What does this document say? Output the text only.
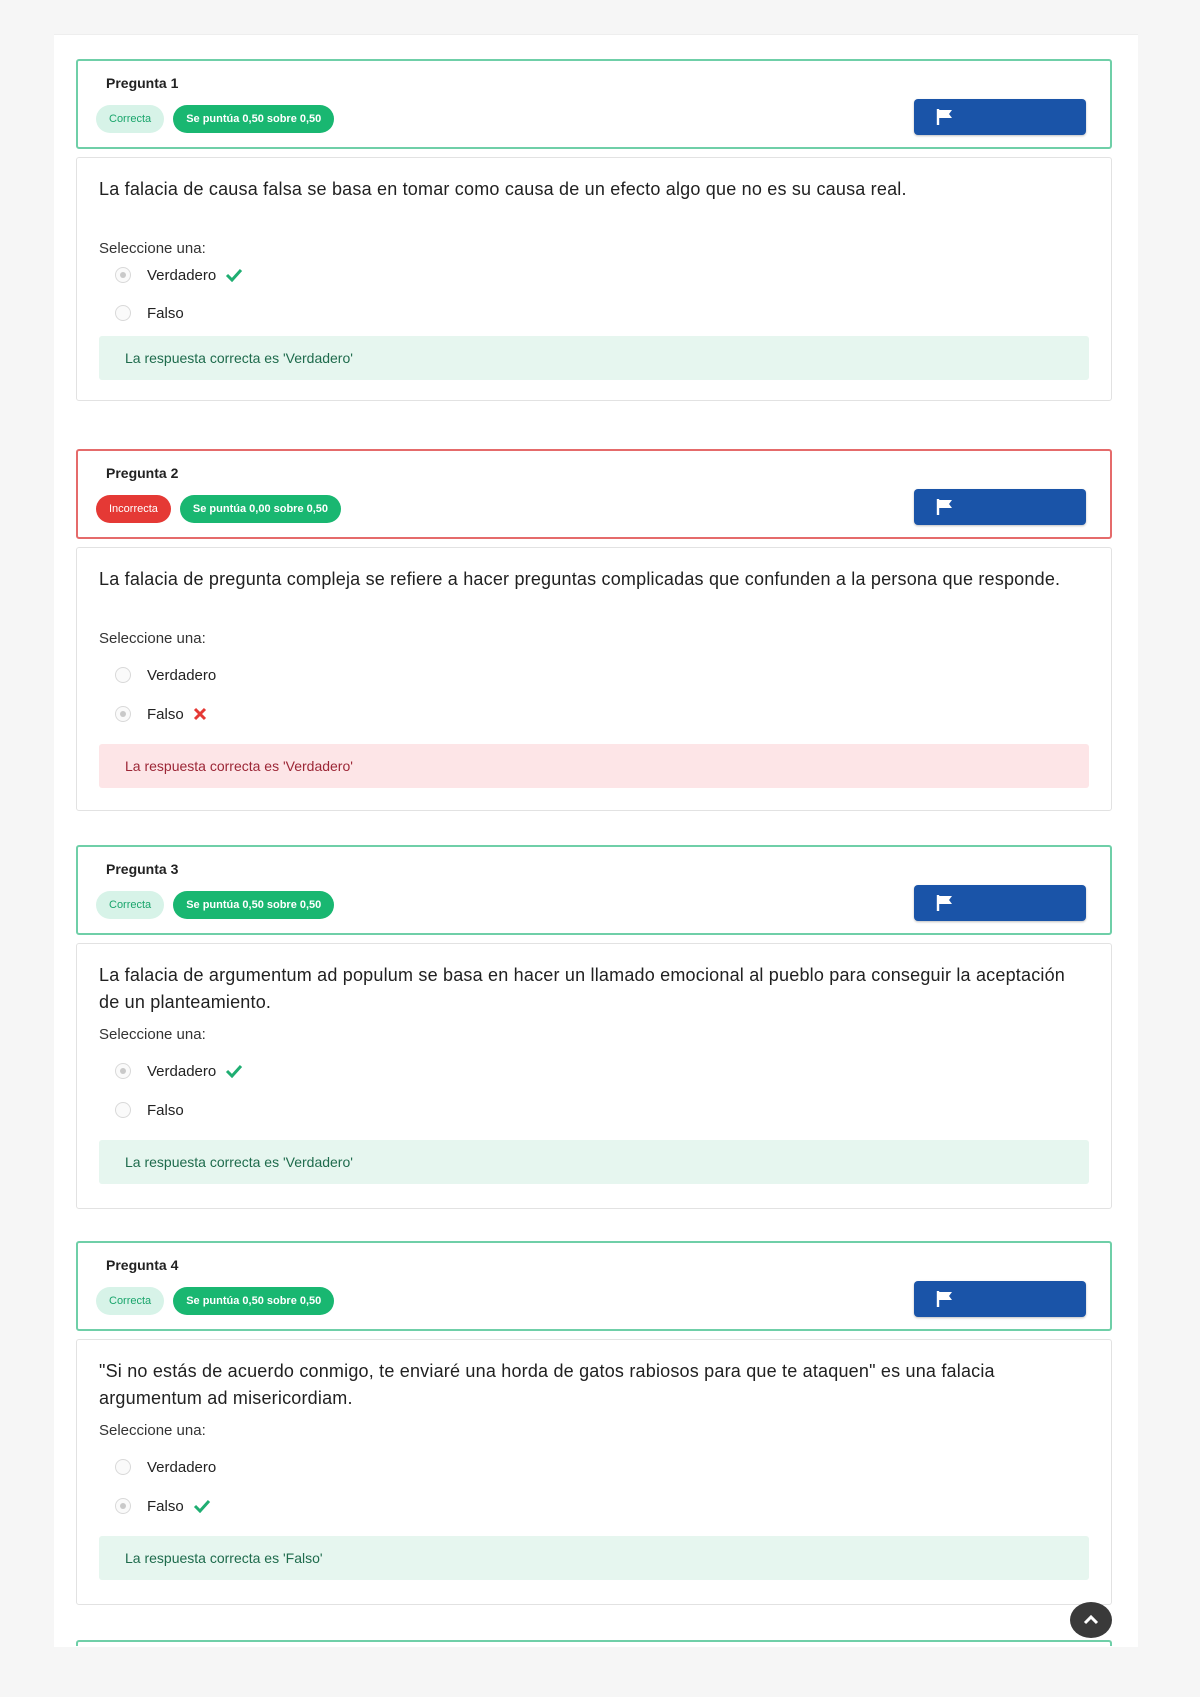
Pregunta 1
Correcta	Se puntúa 0,50 sobre 0,50
La falacia de causa falsa se basa en tomar como causa de un efecto algo que no es su causa real.
Seleccione una:
Verdadero
Falso
La respuesta correcta es 'Verdadero'
Pregunta 2
Incorrecta	Se puntúa 0,00 sobre 0,50
La falacia de pregunta compleja se refiere a hacer preguntas complicadas que confunden a la persona que responde.
Seleccione una:
Verdadero
Falso
La respuesta correcta es 'Verdadero'
Pregunta 3
Correcta	Se puntúa 0,50 sobre 0,50
La falacia de argumentum ad populum se basa en hacer un llamado emocional al pueblo para conseguir la aceptación de un planteamiento.
Seleccione una:
Verdadero
Falso
La respuesta correcta es 'Verdadero'
Pregunta 4
Correcta	Se puntúa 0,50 sobre 0,50
"Si no estás de acuerdo conmigo, te enviaré una horda de gatos rabiosos para que te ataquen" es una falacia argumentum ad misericordiam.
Seleccione una:
Verdadero
Falso
La respuesta correcta es 'Falso'
